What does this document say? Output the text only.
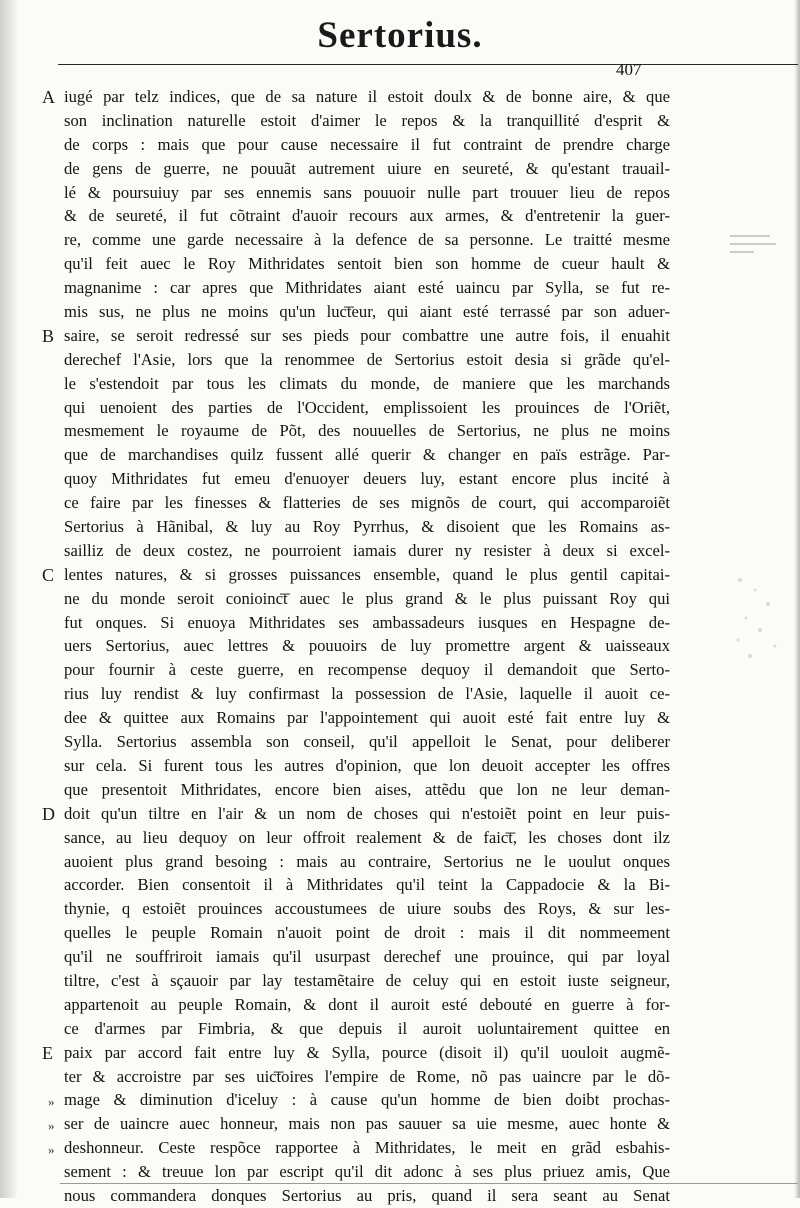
Sertorius.
407
iugé par telz indices, que de sa nature il estoit doulx & de bonne aire, & que
son inclination naturelle estoit d'aimer le repos & la tranquillité d'esprit &
de corps : mais que pour cause necessaire il fut contraint de prendre charge
de gens de guerre, ne pouuãt autrement uiure en seureté, & qu'estant trauail-
lé & poursuiuy par ses ennemis sans pouuoir nulle part trouuer lieu de repos
& de seureté, il fut cõtraint d'auoir recours aux armes, & d'entretenir la guer-
re, comme une garde necessaire à la defence de sa personne. Le traitté mesme
qu'il feit auec le Roy Mithridates sentoit bien son homme de cueur hault &
magnanime : car apres que Mithridates aiant esté uaincu par Sylla, se fut re-
mis sus, ne plus ne moins qu'un luc͞teur, qui aiant esté terrassé par son aduer-
saire, se seroit redressé sur ses pieds pour combattre une autre fois, il enuahit
derechef l'Asie, lors que la renommee de Sertorius estoit desia si grãde qu'el-
le s'estendoit par tous les climats du monde, de maniere que les marchands
qui uenoient des parties de l'Occident, emplissoient les prouinces de l'Oriẽt,
mesmement le royaume de Põt, des nouuelles de Sertorius, ne plus ne moins
que de marchandises quilz fussent allé querir & changer en païs estrãge. Par-
quoy Mithridates fut emeu d'enuoyer deuers luy, estant encore plus incité à
ce faire par les finesses & flatteries de ses mignõs de court, qui accomparoiẽt
Sertorius à Hãnibal, & luy au Roy Pyrrhus, & disoient que les Romains as-
sailliz de deux costez, ne pourroient iamais durer ny resister à deux si excel-
lentes natures, & si grosses puissances ensemble, quand le plus gentil capitai-
ne du monde seroit conioinc͞t auec le plus grand & le plus puissant Roy qui
fut onques. Si enuoya Mithridates ses ambassadeurs iusques en Hespagne de-
uers Sertorius, auec lettres & pouuoirs de luy promettre argent & uaisseaux
pour fournir à ceste guerre, en recompense dequoy il demandoit que Serto-
rius luy rendist & luy confirmast la possession de l'Asie, laquelle il auoit ce-
dee & quittee aux Romains par l'appointement qui auoit esté fait entre luy &
Sylla. Sertorius assembla son conseil, qu'il appelloit le Senat, pour deliberer
sur cela. Si furent tous les autres d'opinion, que lon deuoit accepter les offres
que presentoit Mithridates, encore bien aises, attẽdu que lon ne leur deman-
doit qu'un tiltre en l'air & un nom de choses qui n'estoiẽt point en leur puis-
sance, au lieu dequoy on leur offroit realement & de faic͞t, les choses dont ilz
auoient plus grand besoing : mais au contraire, Sertorius ne le uoulut onques
accorder. Bien consentoit il à Mithridates qu'il teint la Cappadocie & la Bi-
thynie, q estoiẽt prouinces accoustumees de uiure soubs des Roys, & sur les-
quelles le peuple Romain n'auoit point de droit : mais il dit nommeement
qu'il ne souffriroit iamais qu'il usurpast derechef une prouince, qui par loyal
tiltre, c'est à sçauoir par lay testamẽtaire de celuy qui en estoit iuste seigneur,
appartenoit au peuple Romain, & dont il auroit esté debouté en guerre à for-
ce d'armes par Fimbria, & que depuis il auroit uoluntairement quittee en
paix par accord fait entre luy & Sylla, pource (disoit il) qu'il uouloit augmẽ-
ter & accroistre par ses uic͞toires l'empire de Rome, nõ pas uaincre par le dõ-
mage & diminution d'iceluy : à cause qu'un homme de bien doibt prochas-
ser de uaincre auec honneur, mais non pas sauuer sa uie mesme, auec honte &
deshonneur. Ceste respõce rapportee à Mithridates, le meit en grãd esbahis-
sement : & treuue lon par escript qu'il dit adonc à ses plus priuez amis, Que
nous commandera donques Sertorius au pris, quand il sera seant au Senat
A
B
C
D
E
»
»
»
